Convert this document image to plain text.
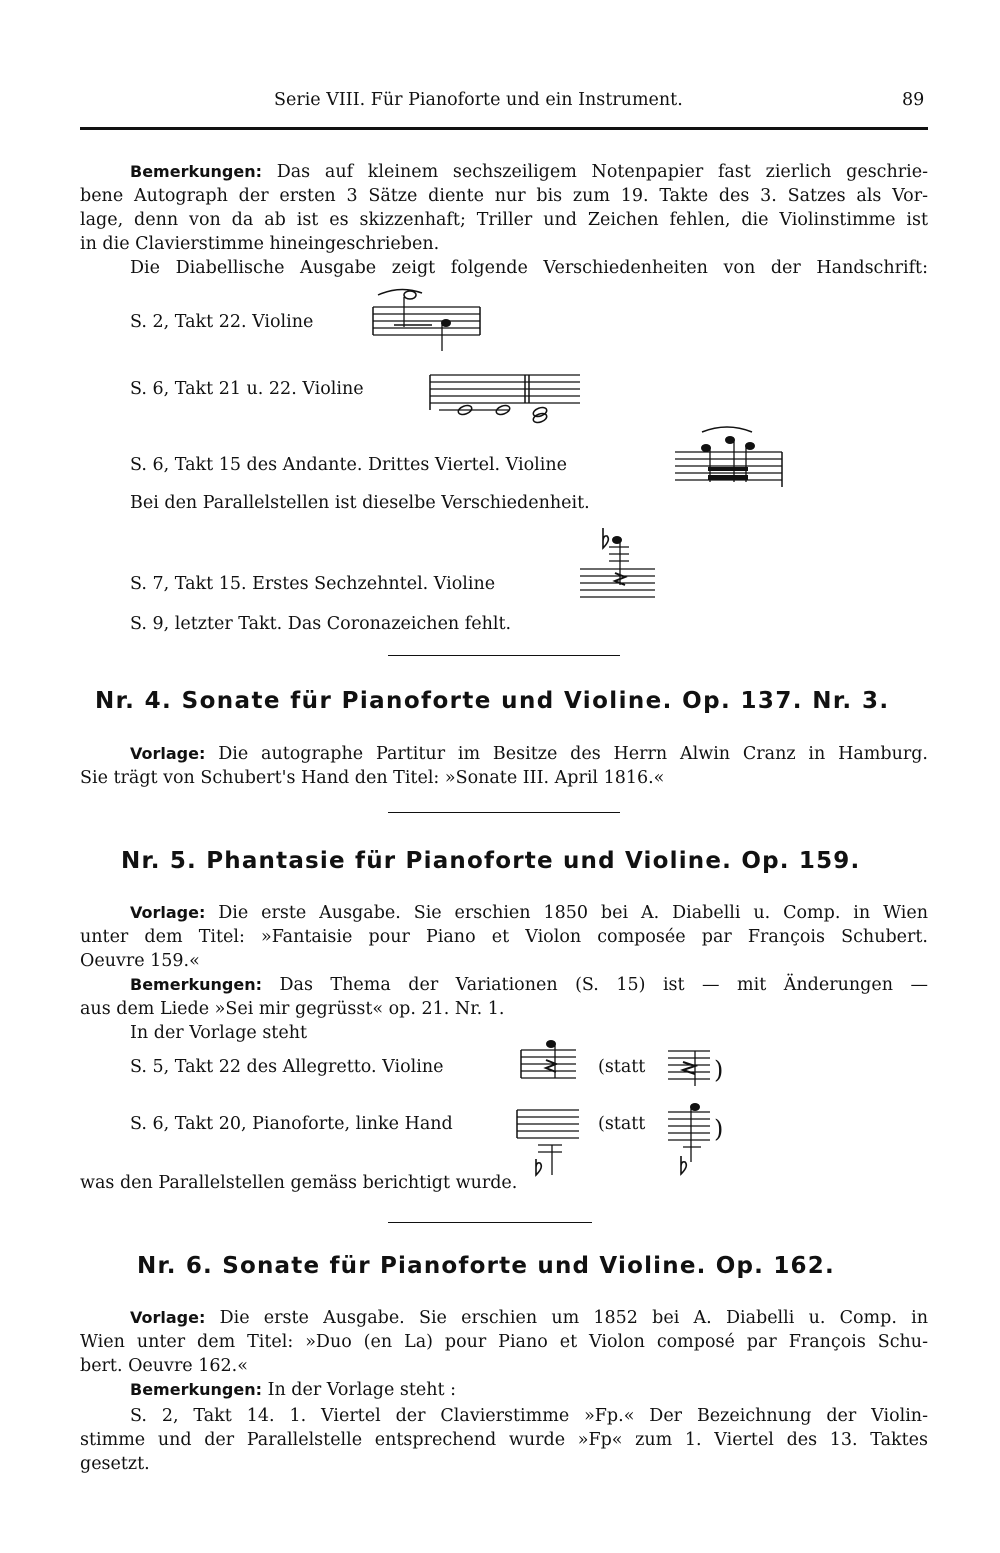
Serie VIII. Für Pianoforte und ein Instrument.	89
Bemerkungen: Das auf kleinem sechszeiligem Notenpapier fast zierlich geschrie-
bene Autograph der ersten 3 Sätze diente nur bis zum 19. Takte des 3. Satzes als Vor-
lage, denn von da ab ist es skizzenhaft; Triller und Zeichen fehlen, die Violinstimme ist
in die Clavierstimme hineingeschrieben.
Die Diabellische Ausgabe zeigt folgende Verschiedenheiten von der Handschrift:
S. 2, Takt 22. Violine
S. 6, Takt 21 u. 22. Violine
S. 6, Takt 15 des Andante. Drittes Viertel. Violine
Bei den Parallelstellen ist dieselbe Verschiedenheit.
S. 7, Takt 15. Erstes Sechzehntel. Violine
S. 9, letzter Takt. Das Coronazeichen fehlt.
Nr. 4. Sonate für Pianoforte und Violine. Op. 137. Nr. 3.
Vorlage: Die autographe Partitur im Besitze des Herrn Alwin Cranz in Hamburg.
Sie trägt von Schubert's Hand den Titel: »Sonate III. April 1816.«
Nr. 5. Phantasie für Pianoforte und Violine. Op. 159.
Vorlage: Die erste Ausgabe. Sie erschien 1850 bei A. Diabelli u. Comp. in Wien
unter dem Titel: »Fantaisie pour Piano et Violon composée par François Schubert.
Oeuvre 159.«
Bemerkungen: Das Thema der Variationen (S. 15) ist — mit Änderungen —
aus dem Liede »Sei mir gegrüsst« op. 21. Nr. 1.
In der Vorlage steht
S. 5, Takt 22 des Allegretto. Violine	(statt	)
S. 6, Takt 20, Pianoforte, linke Hand	(statt	)
was den Parallelstellen gemäss berichtigt wurde.
Nr. 6. Sonate für Pianoforte und Violine. Op. 162.
Vorlage: Die erste Ausgabe. Sie erschien um 1852 bei A. Diabelli u. Comp. in
Wien unter dem Titel: »Duo (en La) pour Piano et Violon composé par François Schu-
bert. Oeuvre 162.«
Bemerkungen: In der Vorlage steht :
S. 2, Takt 14. 1. Viertel der Clavierstimme »Fp.« Der Bezeichnung der Violin-
stimme und der Parallelstelle entsprechend wurde »Fp« zum 1. Viertel des 13. Taktes
gesetzt.
